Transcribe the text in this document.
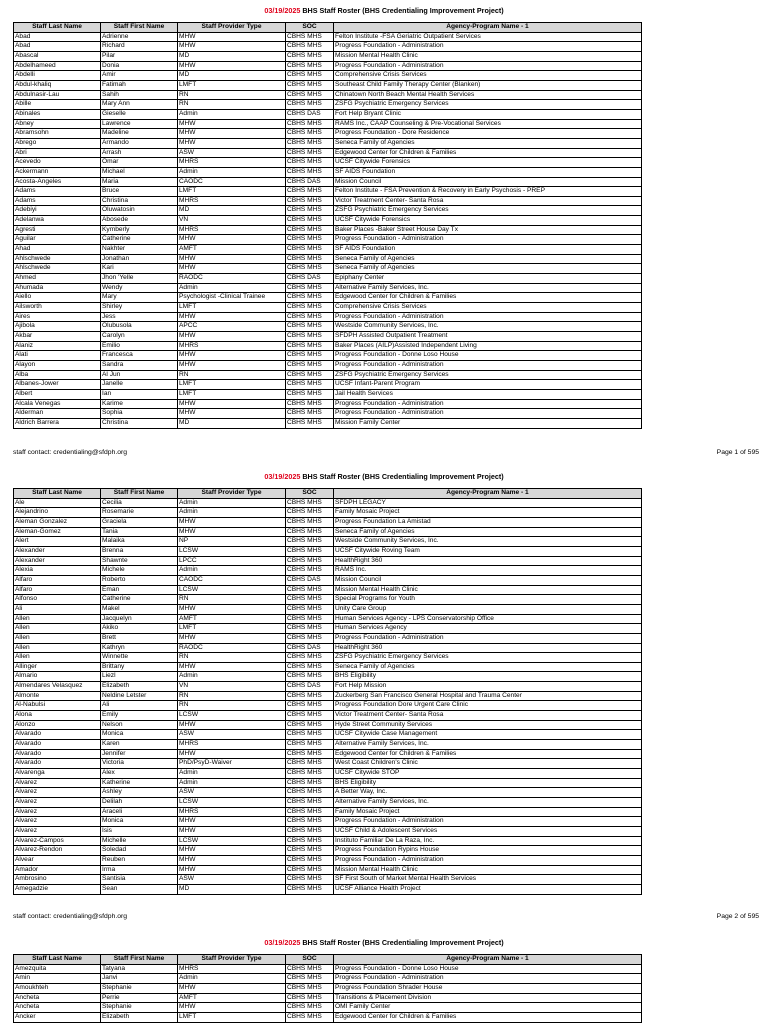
03/19/2025 BHS Staff Roster (BHS Credentialing Improvement Project)
Staff Last Name	Staff First Name	Staff Provider Type	SOC	Agency-Program Name - 1
Abad	Adrienne	MHW	CBHS MHS	Felton Institute -FSA Geriatric Outpatient Services
Abad	Richard	MHW	CBHS MHS	Progress Foundation - Administration
Abascal	Pilar	MD	CBHS MHS	Mission Mental Health Clinic
Abdelhameed	Donia	MHW	CBHS MHS	Progress Foundation - Administration
Abdelli	Amir	MD	CBHS MHS	Comprehensive Crisis Services
Abdul-khaliq	Fatimah	LMFT	CBHS MHS	Southeast Child Family Therapy Center (Blanken)
Abdulnasir-Lau	Sahih	RN	CBHS MHS	Chinatown North Beach Mental Health Services
Abille	Mary Ann	RN	CBHS MHS	ZSFG Psychiatric Emergency Services
Abinales	Gieselle	Admin	CBHS DAS	Fort Help Bryant Clinic
Abney	Lawrence	MHW	CBHS MHS	RAMS Inc., CAAP Counseling & Pre-Vocational Services
Abramsohn	Madeline	MHW	CBHS MHS	Progress Foundation - Dore Residence
Abrego	Armando	MHW	CBHS MHS	Seneca Family of Agencies
Abri	Arrash	ASW	CBHS MHS	Edgewood Center for Children & Families
Acevedo	Omar	MHRS	CBHS MHS	UCSF Citywide Forensics
Ackermann	Michael	Admin	CBHS MHS	SF AIDS Foundation
Acosta-Angeles	Maria	CAODC	CBHS DAS	Mission Council
Adams	Bruce	LMFT	CBHS MHS	Felton Institute - FSA Prevention & Recovery in Early Psychosis - PREP
Adams	Christina	MHRS	CBHS MHS	Victor Treatment Center- Santa Rosa
Adebiyi	Oluwatosin	MD	CBHS MHS	ZSFG Psychiatric Emergency Services
Adelanwa	Abosede	VN	CBHS MHS	UCSF Citywide Forensics
Agresti	Kymberly	MHRS	CBHS MHS	Baker Places -Baker Street House Day Tx
Aguilar	Catherine	MHW	CBHS MHS	Progress Foundation - Administration
Ahad	Nakhter	AMFT	CBHS MHS	SF AIDS Foundation
Ahlschwede	Jonathan	MHW	CBHS MHS	Seneca Family of Agencies
Ahlschwede	Kari	MHW	CBHS MHS	Seneca Family of Agencies
Ahmed	Jhon 'Yelle	RAODC	CBHS DAS	Epiphany Center
Ahumada	Wendy	Admin	CBHS MHS	Alternative Family Services, Inc.
Aiello	Mary	Psychologist -Clinical Trainee	CBHS MHS	Edgewood Center for Children & Families
Ailsworth	Shirley	LMFT	CBHS MHS	Comprehensive Crisis Services
Aires	Jess	MHW	CBHS MHS	Progress Foundation - Administration
Ajibola	Olubusola	APCC	CBHS MHS	Westside Community Services, Inc.
Akbar	Carolyn	MHW	CBHS MHS	SFDPH Assisted Outpatient Treatment
Alaniz	Emilio	MHRS	CBHS MHS	Baker Places (AILP)Assisted Independent Living
Alati	Francesca	MHW	CBHS MHS	Progress Foundation - Donne Loso House
Alayon	Sandra	MHW	CBHS MHS	Progress Foundation - Administration
Alba	Al Jun	RN	CBHS MHS	ZSFG Psychiatric Emergency Services
Albanes-Jower	Janelle	LMFT	CBHS MHS	UCSF Infant-Parent Program
Albert	Ian	LMFT	CBHS MHS	Jail Health Services
Alcala Venegas	Karime	MHW	CBHS MHS	Progress Foundation - Administration
Alderman	Sophia	MHW	CBHS MHS	Progress Foundation - Administration
Aldrich Barrera	Christina	MD	CBHS MHS	Mission Family Center
staff contact: credentialing@sfdph.org	Page 1 of 595
03/19/2025 BHS Staff Roster (BHS Credentialing Improvement Project)
Staff Last Name	Staff First Name	Staff Provider Type	SOC	Agency-Program Name - 1
Ale	Cecilia	Admin	CBHS MHS	SFDPH LEGACY
Alejandrino	Rosemarie	Admin	CBHS MHS	Family Mosaic Project
Aleman Gonzalez	Graciela	MHW	CBHS MHS	Progress Foundation La Amistad
Aleman-Gomez	Tania	MHW	CBHS MHS	Seneca Family of Agencies
Alert	Malaika	NP	CBHS MHS	Westside Community Services, Inc.
Alexander	Brenna	LCSW	CBHS MHS	UCSF Citywide Roving Team
Alexander	Shawnte	LPCC	CBHS MHS	HealthRight 360
Alexia	Michele	Admin	CBHS MHS	RAMS Inc.
Alfaro	Roberto	CAODC	CBHS DAS	Mission Council
Alfaro	Eman	LCSW	CBHS MHS	Mission Mental Health Clinic
Alfonso	Catherine	RN	CBHS MHS	Special Programs for Youth
Ali	Makel	MHW	CBHS MHS	Unity Care Group
Allen	Jacquelyn	AMFT	CBHS MHS	Human Services Agency - LPS Conservatorship Office
Allen	Akiko	LMFT	CBHS MHS	Human Services Agency
Allen	Brett	MHW	CBHS MHS	Progress Foundation - Administration
Allen	Kathryn	RAODC	CBHS DAS	HealthRight 360
Allen	Winnette	RN	CBHS MHS	ZSFG Psychiatric Emergency Services
Allinger	Brittany	MHW	CBHS MHS	Seneca Family of Agencies
Almario	Liezl	Admin	CBHS MHS	BHS Eligibility
Almendares Velasquez	Elizabeth	VN	CBHS DAS	Fort Help Mission
Almonte	Neldine Letster	RN	CBHS MHS	Zuckerberg San Francisco General Hospital and Trauma Center
Al-Nabulsi	Ali	RN	CBHS MHS	Progress Foundation Dore Urgent Care Clinic
Alona	Emily	LCSW	CBHS MHS	Victor Treatment Center- Santa Rosa
Alonzo	Nelson	MHW	CBHS MHS	Hyde Street Community Services
Alvarado	Monica	ASW	CBHS MHS	UCSF Citywide Case Management
Alvarado	Karen	MHRS	CBHS MHS	Alternative Family Services, Inc.
Alvarado	Jennifer	MHW	CBHS MHS	Edgewood Center for Children & Families
Alvarado	Victoria	PhD/PsyD-Waiver	CBHS MHS	West Coast Children's Clinic
Alvarenga	Alex	Admin	CBHS MHS	UCSF Citywide STOP
Alvarez	Katherine	Admin	CBHS MHS	BHS Eligibility
Alvarez	Ashley	ASW	CBHS MHS	A Better Way, Inc.
Alvarez	Delilah	LCSW	CBHS MHS	Alternative Family Services, Inc.
Alvarez	Araceli	MHRS	CBHS MHS	Family Mosaic Project
Alvarez	Monica	MHW	CBHS MHS	Progress Foundation - Administration
Alvarez	Isis	MHW	CBHS MHS	UCSF Child & Adolescent Services
Alvarez-Campos	Michelle	LCSW	CBHS MHS	Instituto Familiar De La Raza, Inc.
Alvarez-Rendon	Soledad	MHW	CBHS MHS	Progress Foundation Rypins House
Alvear	Reuben	MHW	CBHS MHS	Progress Foundation - Administration
Amador	Irma	MHW	CBHS MHS	Mission Mental Health Clinic
Ambrosino	Santisia	ASW	CBHS MHS	SF First South of Market Mental Health Services
Amegadzie	Sean	MD	CBHS MHS	UCSF Alliance Health Project
staff contact: credentialing@sfdph.org	Page 2 of 595
03/19/2025 BHS Staff Roster (BHS Credentialing Improvement Project)
Staff Last Name	Staff First Name	Staff Provider Type	SOC	Agency-Program Name - 1
Amezquita	Tatyana	MHRS	CBHS MHS	Progress Foundation - Donne Loso House
Amin	Janvi	Admin	CBHS MHS	Progress Foundation - Administration
Amoukhteh	Stephanie	MHW	CBHS MHS	Progress Foundation Shrader House
Ancheta	Perrie	AMFT	CBHS MHS	Transitions & Placement Division
Ancheta	Stephanie	MHW	CBHS MHS	OMI Family Center
Ancker	Elizabeth	LMFT	CBHS MHS	Edgewood Center for Children & Families
